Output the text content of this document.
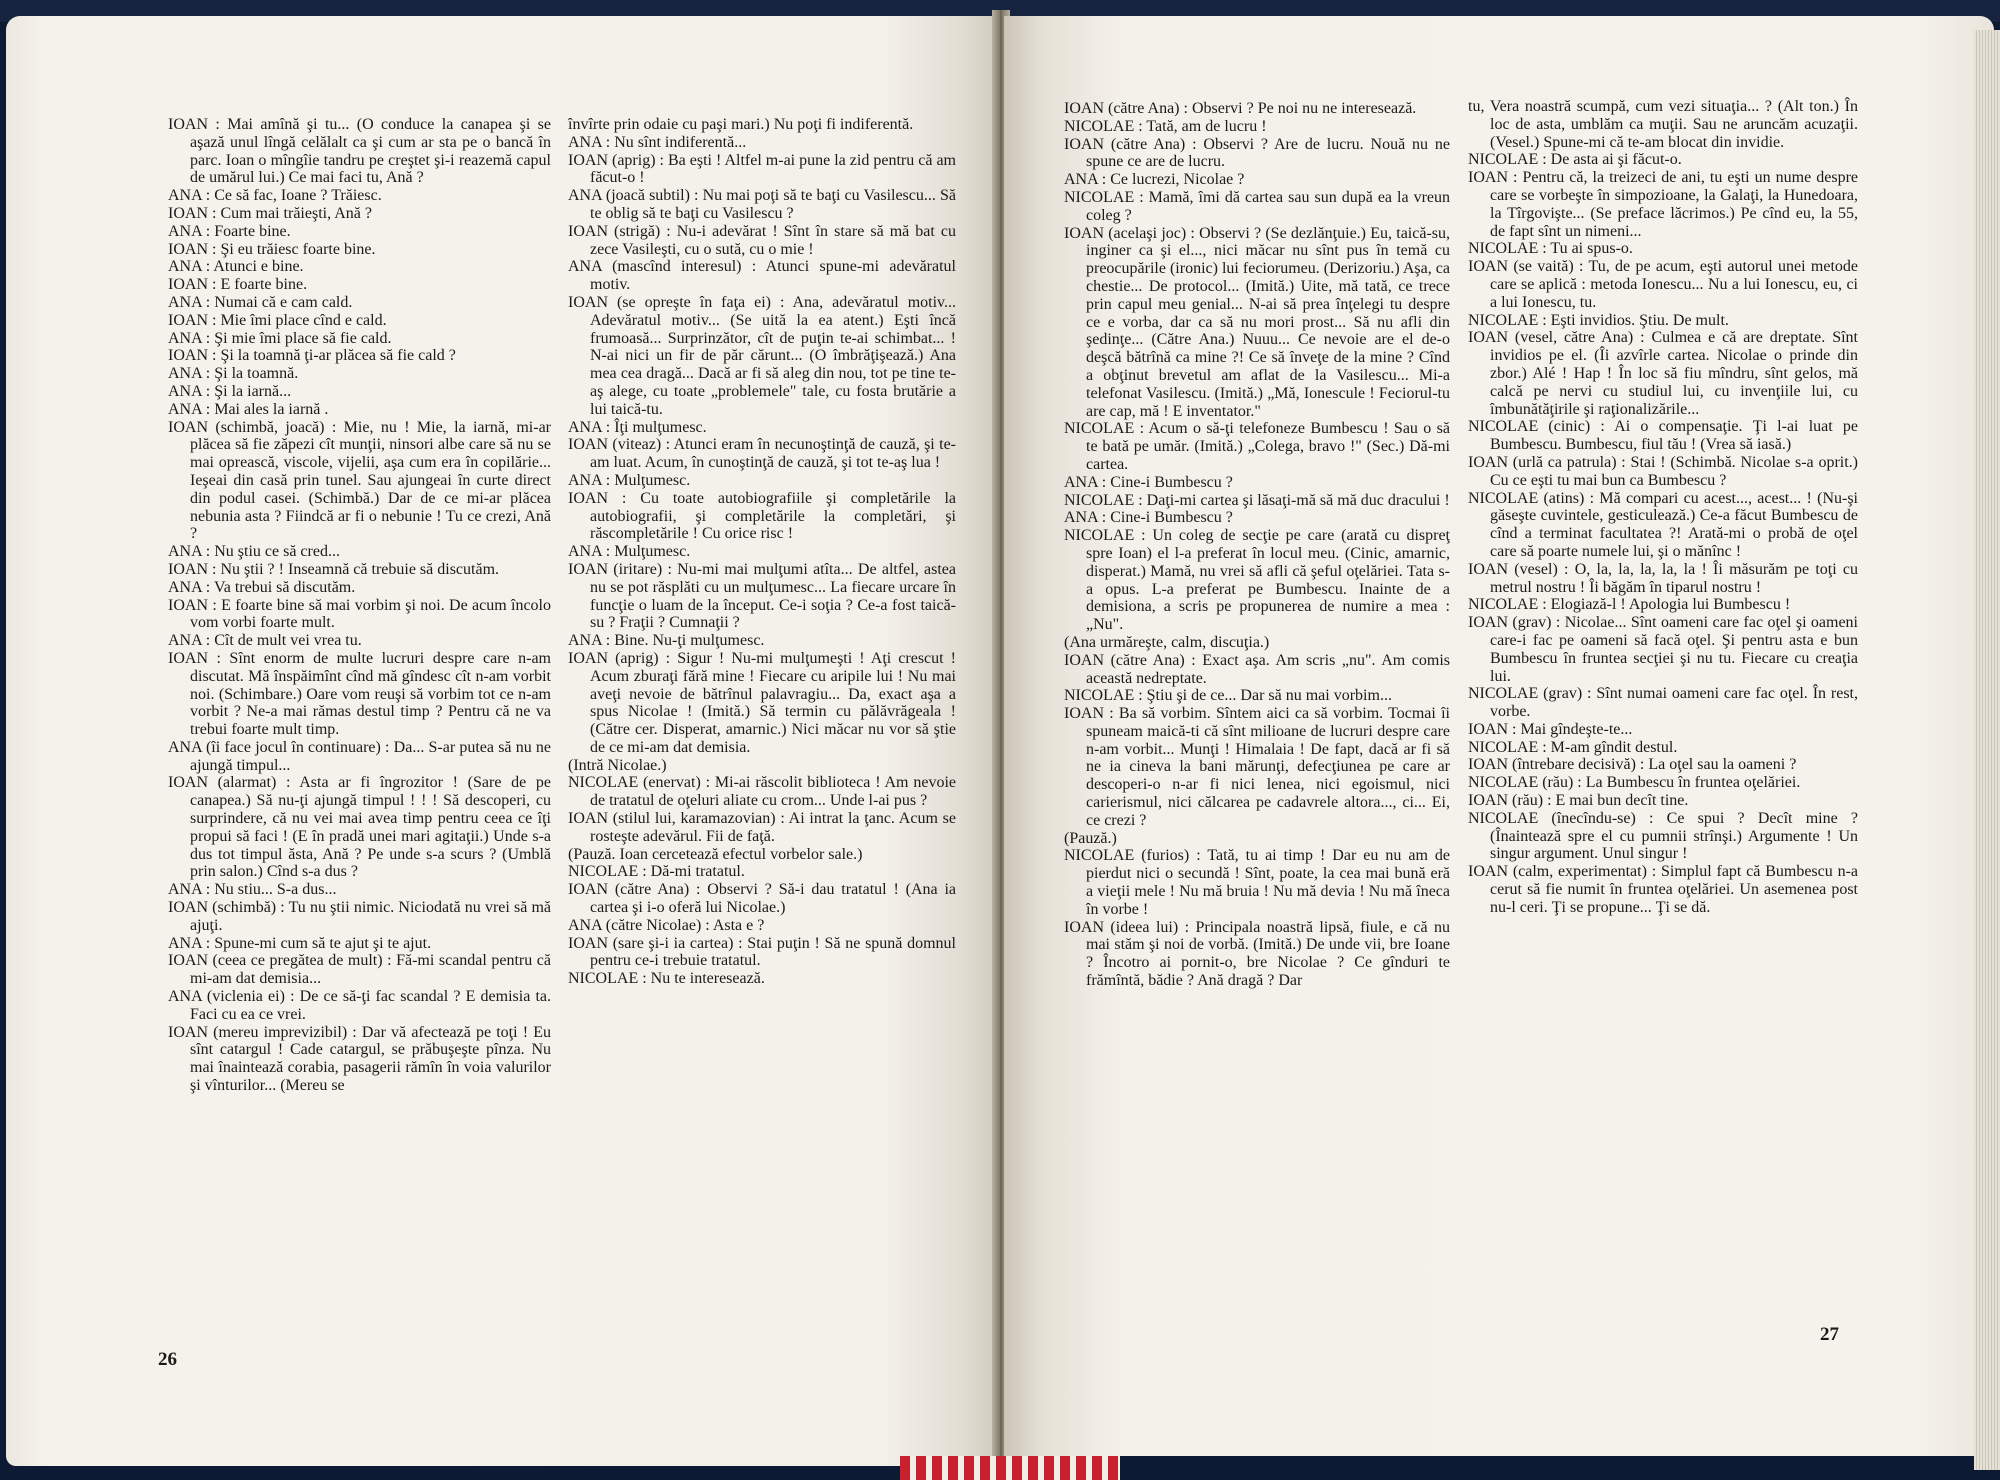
IOAN : Mai amînă şi tu... (O conduce la canapea şi se aşază unul lîngă celălalt ca şi cum ar sta pe o bancă în parc. Ioan o mîngîie tandru pe creştet şi-i reazemă capul de umărul lui.) Ce mai faci tu, Ană ?

ANA : Ce să fac, Ioane ? Trăiesc.

IOAN : Cum mai trăieşti, Ană ?

ANA : Foarte bine.

IOAN : Şi eu trăiesc foarte bine.

ANA : Atunci e bine.

IOAN : E foarte bine.

ANA : Numai că e cam cald.

IOAN : Mie îmi place cînd e cald.

ANA : Şi mie îmi place să fie cald.

IOAN : Şi la toamnă ţi-ar plăcea să fie cald ?

ANA : Şi la toamnă.

ANA : Şi la iarnă...

ANA : Mai ales la iarnă .

IOAN (schimbă, joacă) : Mie, nu ! Mie, la iarnă, mi-ar plăcea să fie zăpezi cît munţii, ninsori albe care să nu se mai oprească, viscole, vijelii, aşa cum era în copilărie... Ieşeai din casă prin tunel. Sau ajungeai în curte direct din podul casei. (Schimbă.) Dar de ce mi-ar plăcea nebunia asta ? Fiindcă ar fi o nebunie ! Tu ce crezi, Ană ?

ANA : Nu ştiu ce să cred...

IOAN : Nu ştii ? ! Inseamnă că trebuie să discutăm.

ANA : Va trebui să discutăm.

IOAN : E foarte bine să mai vorbim şi noi. De acum încolo vom vorbi foarte mult.

ANA : Cît de mult vei vrea tu.

IOAN : Sînt enorm de multe lucruri despre care n-am discutat. Mă înspăimînt cînd mă gîndesc cît n-am vorbit noi. (Schimbare.) Oare vom reuşi să vorbim tot ce n-am vorbit ? Ne-a mai rămas destul timp ? Pentru că ne va trebui foarte mult timp.

ANA (îi face jocul în continuare) : Da... S-ar putea să nu ne ajungă timpul...

IOAN (alarmat) : Asta ar fi îngrozitor ! (Sare de pe canapea.) Să nu-ţi ajungă timpul ! ! ! Să descoperi, cu surprindere, că nu vei mai avea timp pentru ceea ce îţi propui să faci ! (E în pradă unei mari agitaţii.) Unde s-a dus tot timpul ăsta, Ană ? Pe unde s-a scurs ? (Umblă prin salon.) Cînd s-a dus ?

ANA : Nu stiu... S-a dus...

IOAN (schimbă) : Tu nu ştii nimic. Niciodată nu vrei să mă ajuţi.

ANA : Spune-mi cum să te ajut şi te ajut.

IOAN (ceea ce pregătea de mult) : Fă-mi scandal pentru că mi-am dat demisia...

ANA (viclenia ei) : De ce să-ţi fac scandal ? E demisia ta. Faci cu ea ce vrei.

IOAN (mereu imprevizibil) : Dar vă afectează pe toţi ! Eu sînt catargul ! Cade catargul, se prăbuşeşte pînza. Nu mai înaintează corabia, pasagerii rămîn în voia valurilor şi vînturilor... (Mereu se

învîrte prin odaie cu paşi mari.) Nu poţi fi indiferentă.

ANA : Nu sînt indiferentă...

IOAN (aprig) : Ba eşti ! Altfel m-ai pune la zid pentru că am făcut-o !

ANA (joacă subtil) : Nu mai poţi să te baţi cu Vasilescu... Să te oblig să te baţi cu Vasilescu ?

IOAN (strigă) : Nu-i adevărat ! Sînt în stare să mă bat cu zece Vasileşti, cu o sută, cu o mie !

ANA (mascînd interesul) : Atunci spune-mi adevăratul motiv.

IOAN (se opreşte în faţa ei) : Ana, adevăratul motiv... Adevăratul motiv... (Se uită la ea atent.) Eşti încă frumoasă... Surprinzător, cît de puţin te-ai schimbat... ! N-ai nici un fir de păr cărunt... (O îmbrăţişează.) Ana mea cea dragă... Dacă ar fi să aleg din nou, tot pe tine te-aş alege, cu toate „problemele" tale, cu fosta brutărie a lui taică-tu.

ANA : Îţi mulţumesc.

IOAN (viteaz) : Atunci eram în necunoştinţă de cauză, şi te-am luat. Acum, în cunoştinţă de cauză, şi tot te-aş lua !

ANA : Mulţumesc.

IOAN : Cu toate autobiografiile şi completările la autobiografii, şi completările la completări, şi răscompletările ! Cu orice risc !

ANA : Mulţumesc.

IOAN (iritare) : Nu-mi mai mulţumi atîta... De altfel, astea nu se pot răsplăti cu un mulţumesc... La fiecare urcare în funcţie o luam de la început. Ce-i soţia ? Ce-a fost taică-su ? Fraţii ? Cumnaţii ?

ANA : Bine. Nu-ţi mulţumesc.

IOAN (aprig) : Sigur ! Nu-mi mulţumeşti ! Aţi crescut ! Acum zburaţi fără mine ! Fiecare cu aripile lui ! Nu mai aveţi nevoie de bătrînul palavragiu... Da, exact aşa a spus Nicolae ! (Imită.) Să termin cu pălăvrăgeala ! (Către cer. Disperat, amarnic.) Nici măcar nu vor să ştie de ce mi-am dat demisia.

(Intră Nicolae.)

NICOLAE (enervat) : Mi-ai răscolit biblioteca ! Am nevoie de tratatul de oţeluri aliate cu crom... Unde l-ai pus ?

IOAN (stilul lui, karamazovian) : Ai intrat la ţanc. Acum se rosteşte adevărul. Fii de faţă.

(Pauză. Ioan cercetează efectul vorbelor sale.)

NICOLAE : Dă-mi tratatul.

IOAN (către Ana) : Observi ? Să-i dau tratatul ! (Ana ia cartea şi i-o oferă lui Nicolae.)

ANA (către Nicolae) : Asta e ?

IOAN (sare şi-i ia cartea) : Stai puţin ! Să ne spună domnul pentru ce-i trebuie tratatul.

NICOLAE : Nu te interesează.

26

IOAN (către Ana) : Observi ? Pe noi nu ne interesează.

NICOLAE : Tată, am de lucru !

IOAN (către Ana) : Observi ? Are de lucru. Nouă nu ne spune ce are de lucru.

ANA : Ce lucrezi, Nicolae ?

NICOLAE : Mamă, îmi dă cartea sau sun după ea la vreun coleg ?

IOAN (acelaşi joc) : Observi ? (Se dezlănţuie.) Eu, taică-su, inginer ca şi el..., nici măcar nu sînt pus în temă cu preocupările (ironic) lui feciorumeu. (Derizoriu.) Aşa, ca chestie... De protocol... (Imită.) Uite, mă tată, ce trece prin capul meu genial... N-ai să prea înţelegi tu despre ce e vorba, dar ca să nu mori prost... Să nu afli din şedinţe... (Către Ana.) Nuuu... Ce nevoie are el de-o deşcă bătrînă ca mine ?! Ce să înveţe de la mine ? Cînd a obţinut brevetul am aflat de la Vasilescu... Mi-a telefonat Vasilescu. (Imită.) „Mă, Ionescule ! Feciorul-tu are cap, mă ! E inventator."

NICOLAE : Acum o să-ţi telefoneze Bumbescu ! Sau o să te bată pe umăr. (Imită.) „Colega, bravo !" (Sec.) Dă-mi cartea.

ANA : Cine-i Bumbescu ?

NICOLAE : Daţi-mi cartea şi lăsaţi-mă să mă duc dracului !

ANA : Cine-i Bumbescu ?

NICOLAE : Un coleg de secţie pe care (arată cu dispreţ spre Ioan) el l-a preferat în locul meu. (Cinic, amarnic, disperat.) Mamă, nu vrei să afli că şeful oţelăriei. Tata s-a opus. L-a preferat pe Bumbescu. Inainte de a demisiona, a scris pe propunerea de numire a mea : „Nu".

(Ana urmăreşte, calm, discuţia.)

IOAN (către Ana) : Exact aşa. Am scris „nu". Am comis această nedreptate.

NICOLAE : Ştiu şi de ce... Dar să nu mai vorbim...

IOAN : Ba să vorbim. Sîntem aici ca să vorbim. Tocmai îi spuneam maică-ti că sînt milioane de lucruri despre care n-am vorbit... Munţi ! Himalaia ! De fapt, dacă ar fi să ne ia cineva la bani mărunţi, defecţiunea pe care ar descoperi-o n-ar fi nici lenea, nici egoismul, nici carierismul, nici călcarea pe cadavrele altora..., ci... Ei, ce crezi ?

(Pauză.)

NICOLAE (furios) : Tată, tu ai timp ! Dar eu nu am de pierdut nici o secundă ! Sînt, poate, la cea mai bună eră a vieţii mele ! Nu mă bruia ! Nu mă devia ! Nu mă îneca în vorbe !

IOAN (ideea lui) : Principala noastră lipsă, fiule, e că nu mai stăm şi noi de vorbă. (Imită.) De unde vii, bre Ioane ? Încotro ai pornit-o, bre Nicolae ? Ce gînduri te frămîntă, bădie ? Ană dragă ? Dar

tu, Vera noastră scumpă, cum vezi situaţia... ? (Alt ton.) În loc de asta, umblăm ca muţii. Sau ne aruncăm acuzaţii. (Vesel.) Spune-mi că te-am blocat din invidie.

NICOLAE : De asta ai şi făcut-o.

IOAN : Pentru că, la treizeci de ani, tu eşti un nume despre care se vorbeşte în simpozioane, la Galaţi, la Hunedoara, la Tîrgovişte... (Se preface lăcrimos.) Pe cînd eu, la 55, de fapt sînt un nimeni...

NICOLAE : Tu ai spus-o.

IOAN (se vaită) : Tu, de pe acum, eşti autorul unei metode care se aplică : metoda Ionescu... Nu a lui Ionescu, eu, ci a lui Ionescu, tu.

NICOLAE : Eşti invidios. Ştiu. De mult.

IOAN (vesel, către Ana) : Culmea e că are dreptate. Sînt invidios pe el. (Îi azvîrle cartea. Nicolae o prinde din zbor.) Alé ! Hap ! În loc să fiu mîndru, sînt gelos, mă calcă pe nervi cu studiul lui, cu invenţiile lui, cu îmbunătăţirile şi raţionalizările...

NICOLAE (cinic) : Ai o compensaţie. Ţi l-ai luat pe Bumbescu. Bumbescu, fiul tău ! (Vrea să iasă.)

IOAN (urlă ca patrula) : Stai ! (Schimbă. Nicolae s-a oprit.) Cu ce eşti tu mai bun ca Bumbescu ?

NICOLAE (atins) : Mă compari cu acest..., acest... ! (Nu-şi găseşte cuvintele, gesticulează.) Ce-a făcut Bumbescu de cînd a terminat facultatea ?! Arată-mi o probă de oţel care să poarte numele lui, şi o mănînc !

IOAN (vesel) : O, la, la, la, la, la ! Îi măsurăm pe toţi cu metrul nostru ! Îi băgăm în tiparul nostru !

NICOLAE : Elogiază-l ! Apologia lui Bumbescu !

IOAN (grav) : Nicolae... Sînt oameni care fac oţel şi oameni care-i fac pe oameni să facă oţel. Şi pentru asta e bun Bumbescu în fruntea secţiei şi nu tu. Fiecare cu creaţia lui.

NICOLAE (grav) : Sînt numai oameni care fac oţel. În rest, vorbe.

IOAN : Mai gîndeşte-te...

NICOLAE : M-am gîndit destul.

IOAN (întrebare decisivă) : La oţel sau la oameni ?

NICOLAE (rău) : La Bumbescu în fruntea oţelăriei.

IOAN (rău) : E mai bun decît tine.

NICOLAE (înecîndu-se) : Ce spui ? Decît mine ? (Înaintează spre el cu pumnii strînşi.) Argumente ! Un singur argument. Unul singur !

IOAN (calm, experimentat) : Simplul fapt că Bumbescu n-a cerut să fie numit în fruntea oţelăriei. Un asemenea post nu-l ceri. Ţi se propune... Ţi se dă.

27
